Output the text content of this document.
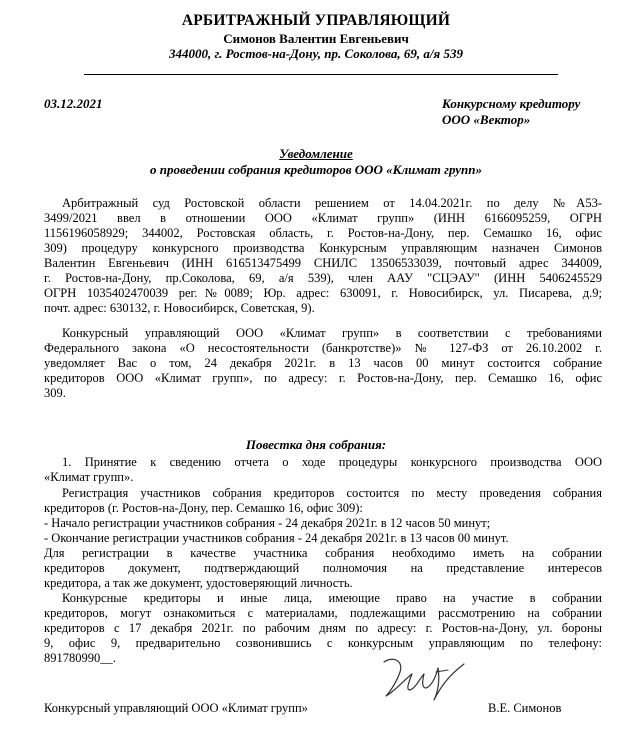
АРБИТРАЖНЫЙ УПРАВЛЯЮЩИЙ
Симонов Валентин Евгеньевич
344000, г. Ростов-на-Дону, пр. Соколова, 69, а/я 539
03.12.2021	Конкурсному кредитору
ООО «Вектор»
Уведомление
о проведении собрания кредиторов ООО «Климат групп»
Арбитражный суд Ростовской области решением от 14.04.2021г. по делу №А53-
3499/2021 ввел в отношении ООО «Климат групп» (ИНН 6166095259, ОГРН
1156196058929; 344002, Ростовская область, г. Ростов-на-Дону, пер. Семашко 16, офис
309) процедуру конкурсного производства Конкурсным управляющим назначен Симонов
Валентин Евгеньевич (ИНН 616513475499 СНИЛС 13506533039, почтовый адрес 344009,
г. Ростов-на-Дону, пр.Соколова, 69, а/я 539), член ААУ "СЦЭАУ" (ИНН 5406245529
ОГРН 1035402470039 рег.№0089; Юр. адрес: 630091, г. Новосибирск, ул. Писарева, д.9;
почт. адрес: 630132, г. Новосибирск, Советская, 9).
Конкурсный управляющий ООО «Климат групп» в соответствии с требованиями
Федерального закона «О несостоятельности (банкротстве)» № 127-ФЗ от 26.10.2002 г.
уведомляет Вас о том, 24 декабря 2021г. в 13 часов 00 минут состоится собрание
кредиторов ООО «Климат групп», по адресу: г. Ростов-на-Дону, пер. Семашко 16, офис
309.
Повестка дня собрания:
1. Принятие к сведению отчета о ходе процедуры конкурсного производства ООО
«Климат групп».
Регистрация участников собрания кредиторов состоится по месту проведения собрания
кредиторов (г. Ростов-на-Дону, пер. Семашко 16, офис 309):
- Начало регистрации участников собрания - 24 декабря 2021г. в 12 часов 50 минут;
- Окончание регистрации участников собрания - 24 декабря 2021г. в 13 часов 00 минут.
Для регистрации в качестве участника собрания необходимо иметь на собрании
кредиторов документ, подтверждающий полномочия на представление интересов
кредитора, а так же документ, удостоверяющий личность.
Конкурсные кредиторы и иные лица, имеющие право на участие в собрании
кредиторов, могут ознакомиться с материалами, подлежащими рассмотрению на собрании
кредиторов с 17 декабря 2021г. по рабочим дням по адресу: г. Ростов-на-Дону, ул. бороны
9, офис 9, предварительно созвонившись с конкурсным управляющим по телефону:
891780990__.
Конкурсный управляющий ООО «Климат групп»	В.Е. Симонов
